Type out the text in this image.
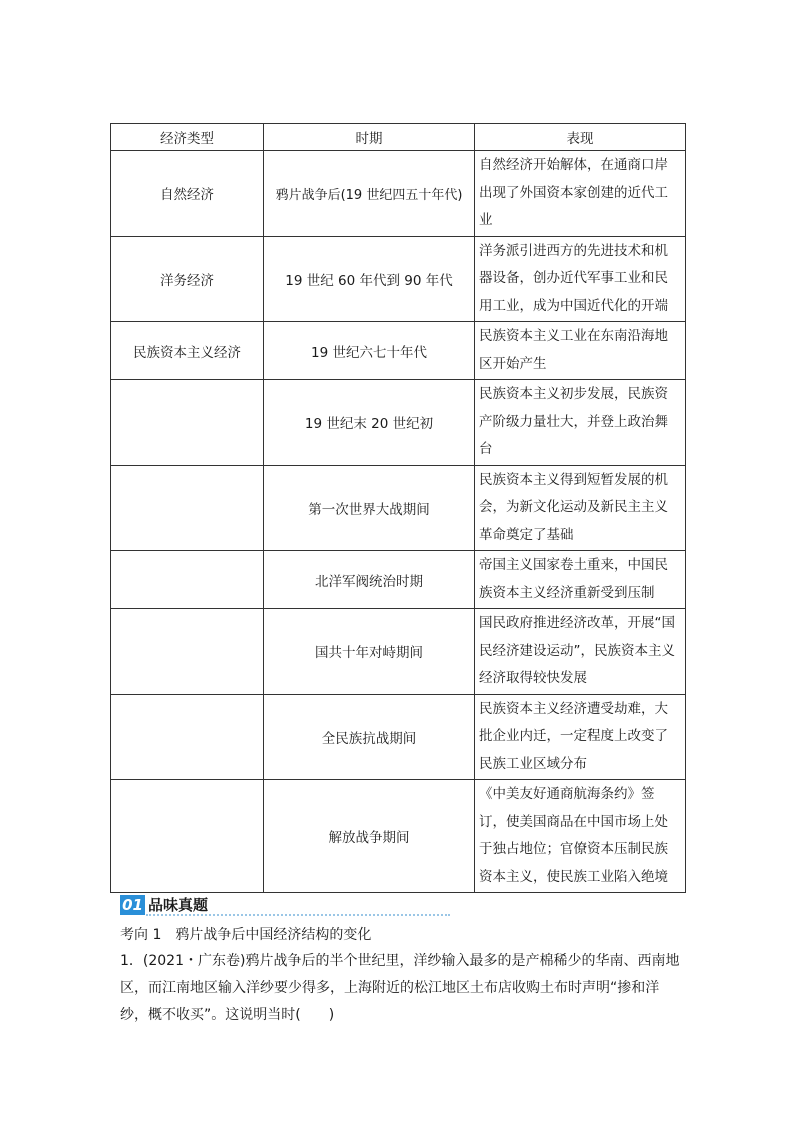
经济类型	时期	表现
自然经济	鸦片战争后(19 世纪四五十年代)	自然经济开始解体，在通商口岸出现了外国资本家创建的近代工业
洋务经济	19 世纪 60 年代到 90 年代	洋务派引进西方的先进技术和机器设备，创办近代军事工业和民用工业，成为中国近代化的开端
民族资本主义经济	19 世纪六七十年代	民族资本主义工业在东南沿海地区开始产生
	19 世纪末 20 世纪初	民族资本主义初步发展，民族资产阶级力量壮大，并登上政治舞台
	第一次世界大战期间	民族资本主义得到短暂发展的机会，为新文化运动及新民主主义革命奠定了基础
	北洋军阀统治时期	帝国主义国家卷土重来，中国民族资本主义经济重新受到压制
	国共十年对峙期间	国民政府推进经济改革，开展“国民经济建设运动”，民族资本主义经济取得较快发展
	全民族抗战期间	民族资本主义经济遭受劫难，大批企业内迁，一定程度上改变了民族工业区域分布
	解放战争期间	《中美友好通商航海条约》签订，使美国商品在中国市场上处于独占地位；官僚资本压制民族资本主义，使民族工业陷入绝境
01 品味真题
考向 1　鸦片战争后中国经济结构的变化
1．(2021・广东卷)鸦片战争后的半个世纪里，洋纱输入最多的是产棉稀少的华南、西南地区，而江南地区输入洋纱要少得多，上海附近的松江地区土布店收购土布时声明“掺和洋纱，概不收买”。这说明当时(　　)
